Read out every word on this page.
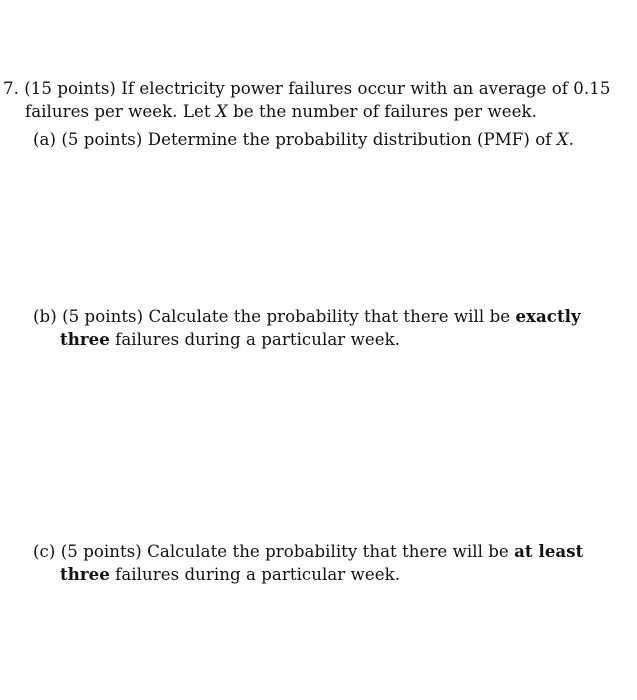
7. (15 points) If electricity power failures occur with an average of 0.15
failures per week. Let X be the number of failures per week.
(a) (5 points) Determine the probability distribution (PMF) of X.
(b) (5 points) Calculate the probability that there will be exactly
three failures during a particular week.
(c) (5 points) Calculate the probability that there will be at least
three failures during a particular week.
